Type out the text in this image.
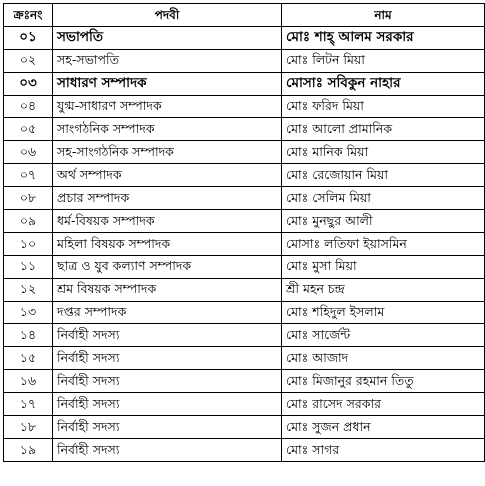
ক্রঃনং	পদবী	নাম
০১	সভাপতি	মোঃ শাহ্ আলম সরকার
০২	সহ-সভাপতি	মোঃ লিটন মিয়া
০৩	সাধারণ সম্পাদক	মোসাঃ সবিকুন নাহার
০৪	যুগ্ম-সাধারণ সম্পাদক	মোঃ ফরিদ মিয়া
০৫	সাংগঠনিক সম্পাদক	মোঃ আলো প্রামানিক
০৬	সহ-সাংগঠনিক সম্পাদক	মোঃ মানিক মিয়া
০৭	অর্থ সম্পাদক	মোঃ রেজোয়ান মিয়া
০৮	প্রচার সম্পাদক	মোঃ সেলিম মিয়া
০৯	ধর্ম-বিষয়ক সম্পাদক	মোঃ মুনছুর আলী
১০	মহিলা বিষয়ক সম্পাদক	মোসাঃ লতিফা ইয়াসমিন
১১	ছাত্র ও যুব কল্যাণ সম্পাদক	মোঃ মুসা মিয়া
১২	শ্রম বিষয়ক সম্পাদক	শ্রী মহন চন্দ্র
১৩	দপ্তর সম্পাদক	মোঃ শহিদুল ইসলাম
১৪	নির্বাহী সদস্য	মোঃ সার্জেন্ট
১৫	নির্বাহী সদস্য	মোঃ আজাদ
১৬	নির্বাহী সদস্য	মোঃ মিজানুর রহমান তিতু
১৭	নির্বাহী সদস্য	মোঃ রাসেদ সরকার
১৮	নির্বাহী সদস্য	মোঃ সুজন প্রধান
১৯	নির্বাহী সদস্য	মোঃ সাগর
